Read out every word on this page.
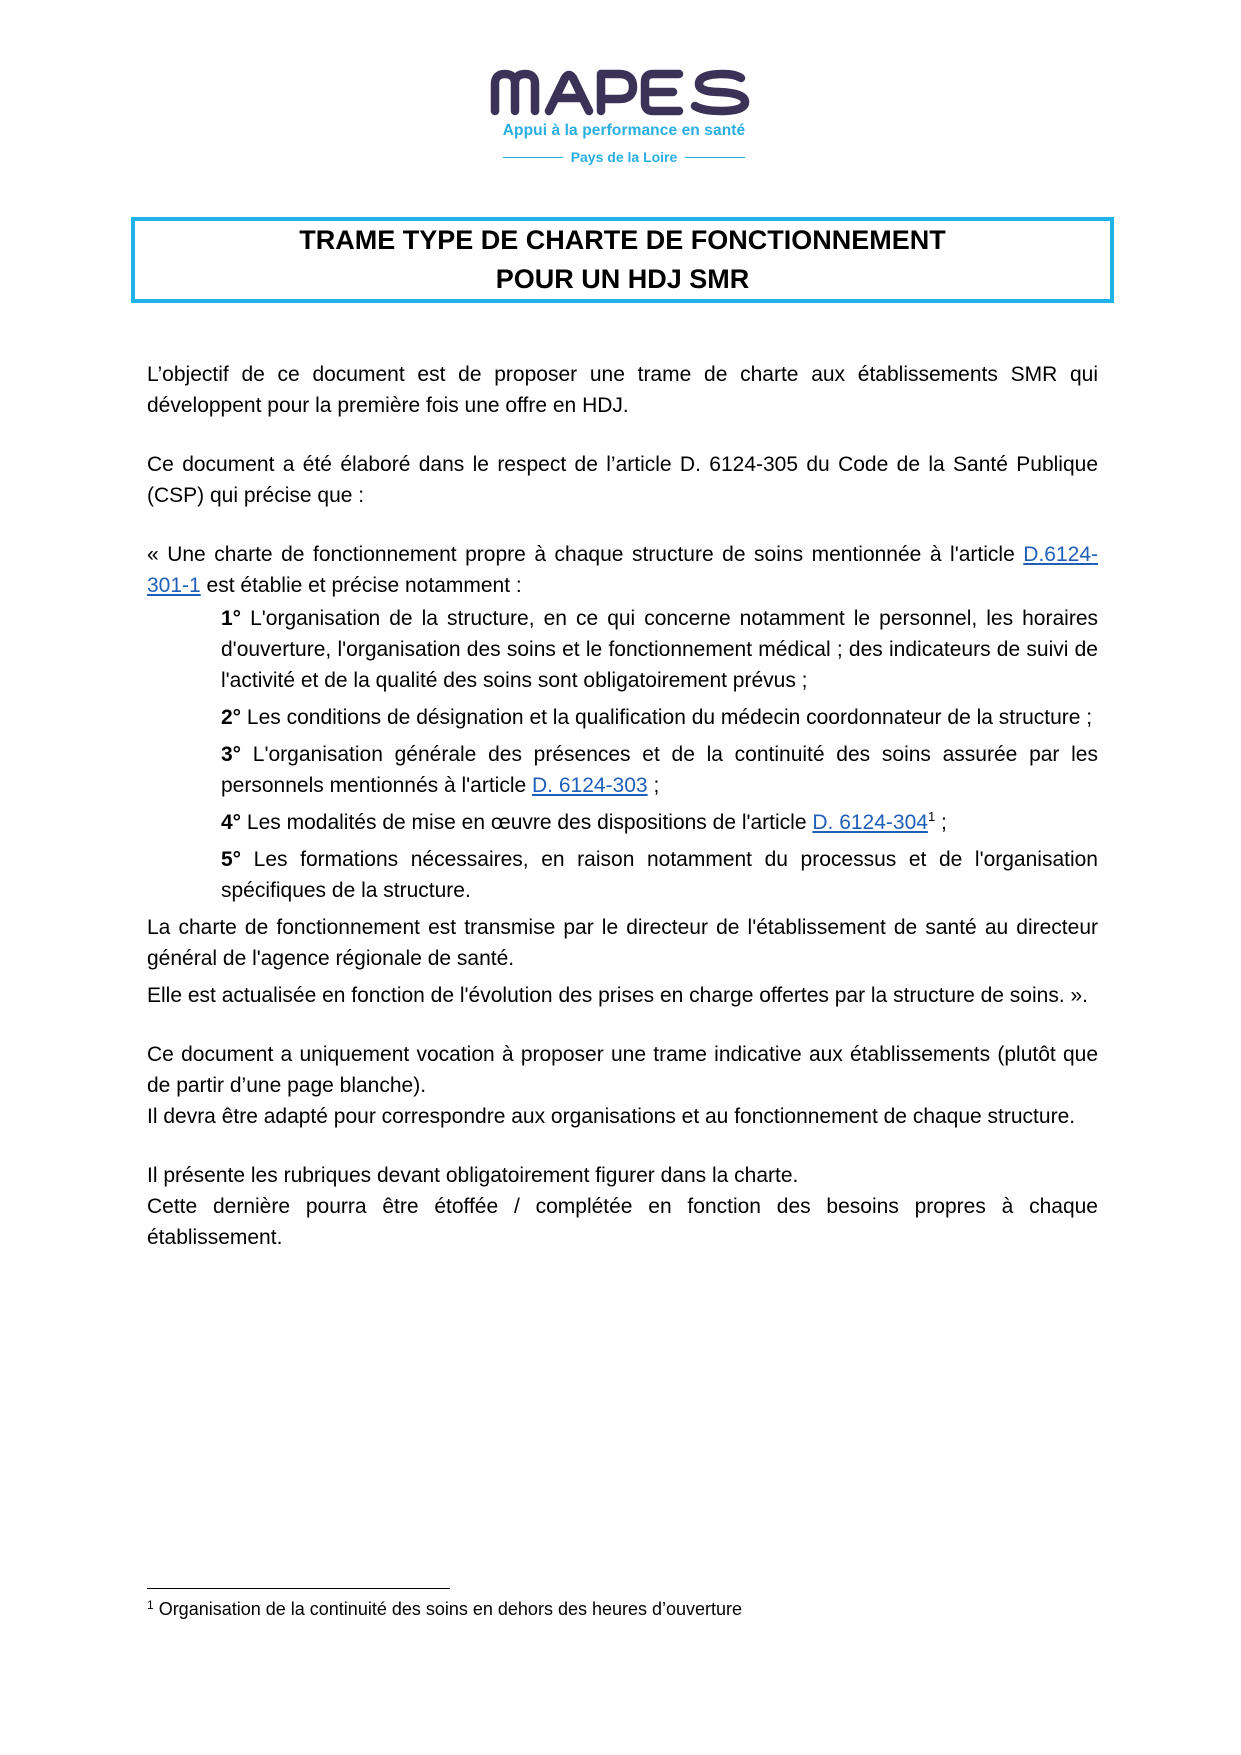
Appui à la performance en santé
Pays de la Loire
TRAME TYPE DE CHARTE DE FONCTIONNEMENT
POUR UN HDJ SMR

L’objectif de ce document est de proposer une trame de charte aux établissements SMR qui développent pour la première fois une offre en HDJ.

Ce document a été élaboré dans le respect de l’article D. 6124-305 du Code de la Santé Publique (CSP) qui précise que :

« Une charte de fonctionnement propre à chaque structure de soins mentionnée à l'article D.6124-301-1 est établie et précise notamment :

1° L'organisation de la structure, en ce qui concerne notamment le personnel, les horaires d'ouverture, l'organisation des soins et le fonctionnement médical ; des indicateurs de suivi de l'activité et de la qualité des soins sont obligatoirement prévus ;
2° Les conditions de désignation et la qualification du médecin coordonnateur de la structure ;
3° L'organisation générale des présences et de la continuité des soins assurée par les personnels mentionnés à l'article D. 6124-303 ;
4° Les modalités de mise en œuvre des dispositions de l'article D. $6124-304^1$ ;
5° Les formations nécessaires, en raison notamment du processus et de l'organisation spécifiques de la structure.

La charte de fonctionnement est transmise par le directeur de l'établissement de santé au directeur général de l'agence régionale de santé.

Elle est actualisée en fonction de l'évolution des prises en charge offertes par la structure de soins. ».

Ce document a uniquement vocation à proposer une trame indicative aux établissements (plutôt que de partir d’une page blanche).

Il devra être adapté pour correspondre aux organisations et au fonctionnement de chaque structure.

Il présente les rubriques devant obligatoirement figurer dans la charte.

Cette dernière pourra être étoffée / complétée en fonction des besoins propres à chaque établissement.

$^1$ Organisation de la continuité des soins en dehors des heures d’ouverture
